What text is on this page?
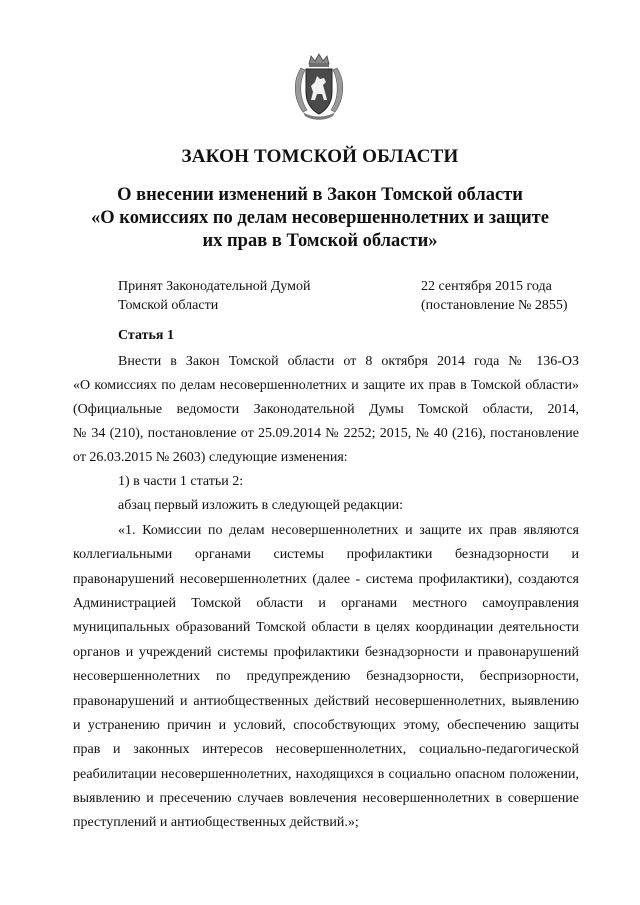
ЗАКОН ТОМСКОЙ ОБЛАСТИ
О внесении изменений в Закон Томской области
«О комиссиях по делам несовершеннолетних и защите
их прав в Томской области»
Принят Законодательной Думой
Томской области
22 сентября 2015 года
(постановление № 2855)
Статья 1
Внести в Закон Томской области от 8 октября 2014 года № 136-ОЗ
«О комиссиях по делам несовершеннолетних и защите их прав в Томской области»
(Официальные ведомости Законодательной Думы Томской области, 2014,
№ 34 (210), постановление от 25.09.2014 № 2252; 2015, № 40 (216), постановление
от 26.03.2015 № 2603) следующие изменения:
1) в части 1 статьи 2:
абзац первый изложить в следующей редакции:
«1. Комиссии по делам несовершеннолетних и защите их прав являются
коллегиальными органами системы профилактики безнадзорности и
правонарушений несовершеннолетних (далее - система профилактики), создаются
Администрацией Томской области и органами местного самоуправления
муниципальных образований Томской области в целях координации деятельности
органов и учреждений системы профилактики безнадзорности и правонарушений
несовершеннолетних по предупреждению безнадзорности, беспризорности,
правонарушений и антиобщественных действий несовершеннолетних, выявлению
и устранению причин и условий, способствующих этому, обеспечению защиты
прав и законных интересов несовершеннолетних, социально-педагогической
реабилитации несовершеннолетних, находящихся в социально опасном положении,
выявлению и пресечению случаев вовлечения несовершеннолетних в совершение
преступлений и антиобщественных действий.»;
